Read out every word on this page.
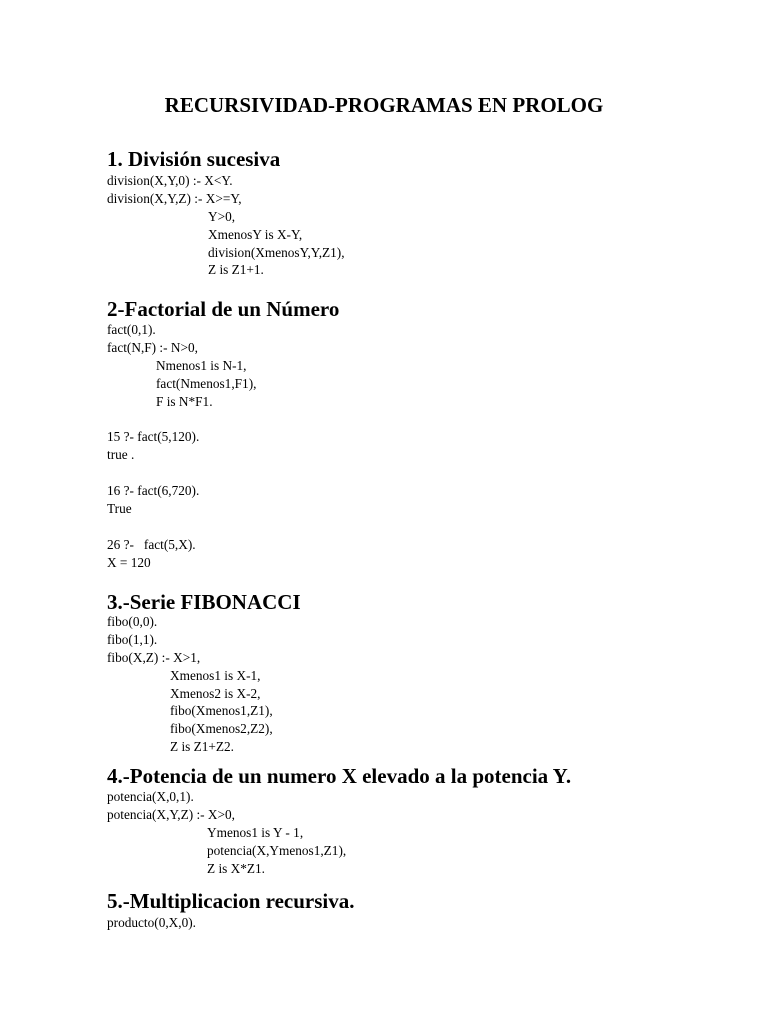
RECURSIVIDAD-PROGRAMAS EN PROLOG
1. División sucesiva
division(X,Y,0) :- X<Y.
division(X,Y,Z) :- X>=Y,
Y>0,
XmenosY is X-Y,
division(XmenosY,Y,Z1),
Z is Z1+1.
2-Factorial de un Número
fact(0,1).
fact(N,F) :- N>0,
Nmenos1 is N-1,
fact(Nmenos1,F1),
F is N*F1.
15 ?- fact(5,120).
true .
16 ?- fact(6,720).
True
26 ?-   fact(5,X).
X = 120
3.-Serie FIBONACCI
fibo(0,0).
fibo(1,1).
fibo(X,Z) :- X>1,
Xmenos1 is X-1,
Xmenos2 is X-2,
fibo(Xmenos1,Z1),
fibo(Xmenos2,Z2),
Z is Z1+Z2.
4.-Potencia de un numero X elevado a la potencia Y.
potencia(X,0,1).
potencia(X,Y,Z) :- X>0,
Ymenos1 is Y - 1,
potencia(X,Ymenos1,Z1),
Z is X*Z1.
5.-Multiplicacion recursiva.
producto(0,X,0).
